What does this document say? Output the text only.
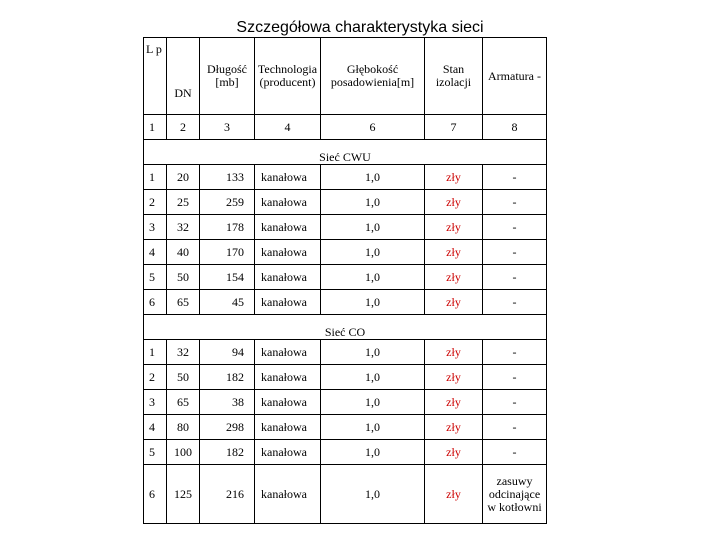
Szczegółowa charakterystyka sieci
L p	DN	Długość [mb]	Technologia (producent)	Głębokość posadowienia[m]	Stan izolacji	Armatura -
1	2	3	4	6	7	8
Sieć CWU						
1	20	133	kanałowa	1,0	zły	-
2	25	259	kanałowa	1,0	zły	-
3	32	178	kanałowa	1,0	zły	-
4	40	170	kanałowa	1,0	zły	-
5	50	154	kanałowa	1,0	zły	-
6	65	45	kanałowa	1,0	zły	-
Sieć CO						
1	32	94	kanałowa	1,0	zły	-
2	50	182	kanałowa	1,0	zły	-
3	65	38	kanałowa	1,0	zły	-
4	80	298	kanałowa	1,0	zły	-
5	100	182	kanałowa	1,0	zły	-
6	125	216	kanałowa	1,0	zły	zasuwy odcinające w kotłowni
